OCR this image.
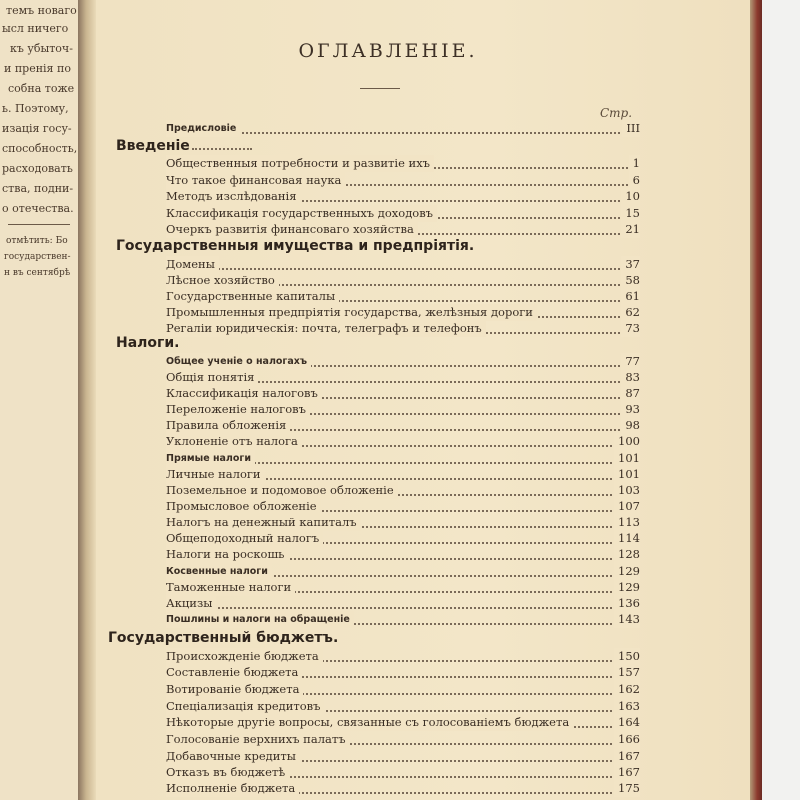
темъ новаго
ысл ничего
къ убыточ-
и пренія по
собна тоже
ь. Поэтому,
изація госу-
способность,
расходовать
ства, подни-
о отечества.
отмѣтить: Бо
государствен-
н въ сентябрѣ
ОГЛАВЛЕНІЕ.
Стр.
Предисловіе	III
Введеніе
Общественныя потребности и развитіе ихъ	1
Что такое финансовая наука	6
Методъ изслѣдованія	10
Классификація государственныхъ доходовъ	15
Очеркъ развитія финансоваго хозяйства	21
Государственныя имущества и предпріятія.
Домены	37
Лѣсное хозяйство	58
Государственные капиталы	61
Промышленныя предпріятія государства, желѣзныя дороги	62
Регаліи юридическія: почта, телеграфъ и телефонъ	73
Налоги.
Общее ученіе о налогахъ	77
Общія понятія	83
Классификація налоговъ	87
Переложеніе налоговъ	93
Правила обложенія	98
Уклоненіе отъ налога	100
Прямые налоги	101
Личные налоги	101
Поземельное и подомовое обложеніе	103
Промысловое обложеніе	107
Налогъ на денежный капиталъ	113
Общеподоходный налогъ	114
Налоги на роскошь	128
Косвенные налоги	129
Таможенные налоги	129
Акцизы	136
Пошлины и налоги на обращеніе	143
Государственный бюджетъ.
Происхожденіе бюджета	150
Составленіе бюджета	157
Вотированіе бюджета	162
Спеціализація кредитовъ	163
Нѣкоторые другіе вопросы, связанные съ голосованіемъ бюджета	164
Голосованіе верхнихъ палатъ	166
Добавочные кредиты	167
Отказъ въ бюджетѣ	167
Исполненіе бюджета	175
